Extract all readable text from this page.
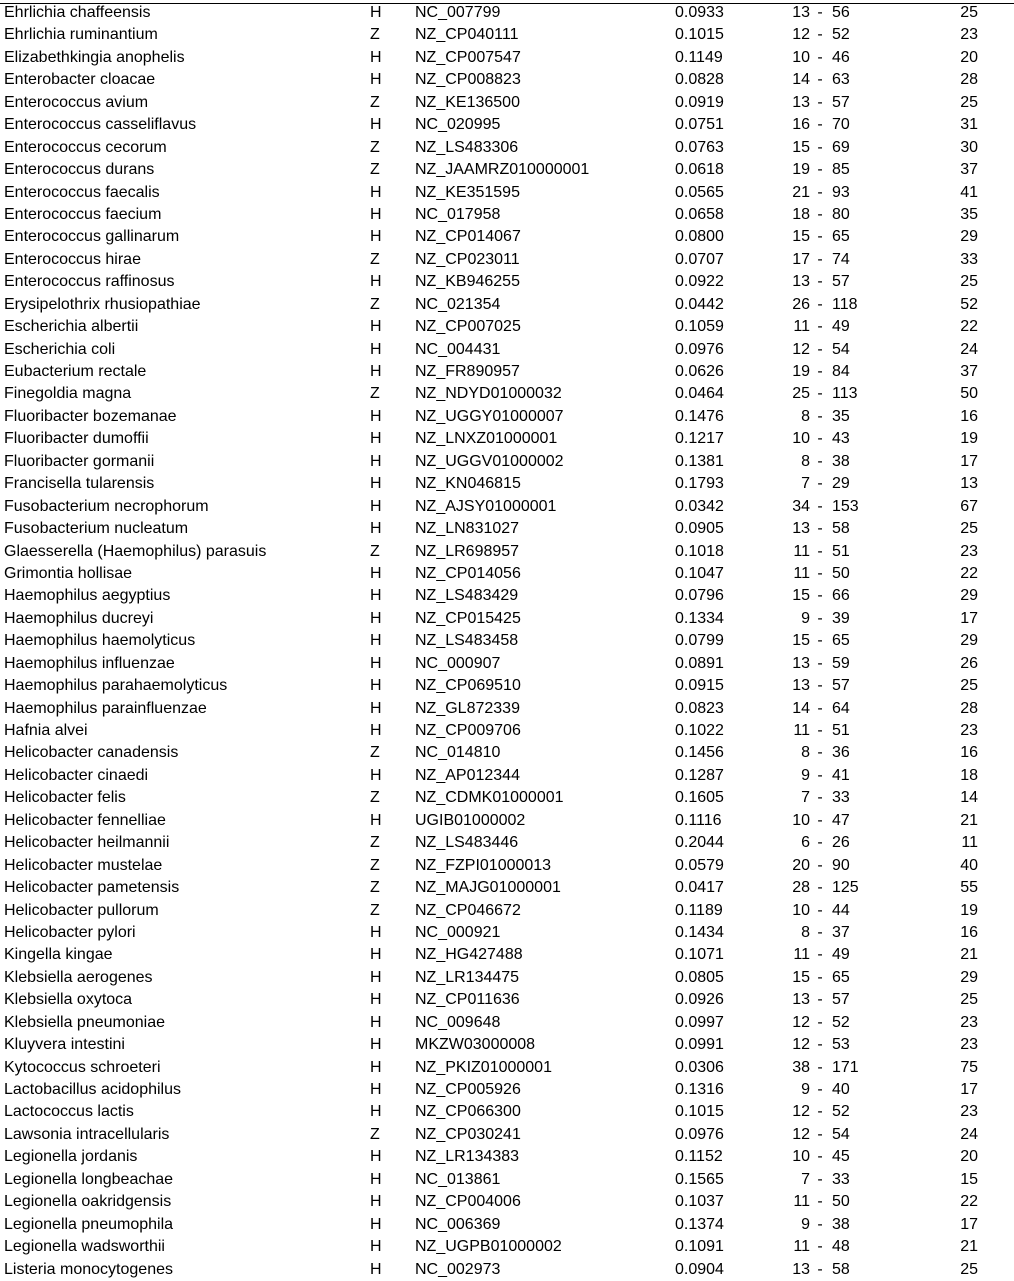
Ehrlichia chaffeensis	H NC_007799	0.0933	13 - 56	25
Ehrlichia ruminantium	Z NZ_CP040111	0.1015	12 - 52	23
Elizabethkingia anophelis	H NZ_CP007547	0.1149	10 - 46	20
Enterobacter cloacae	H NZ_CP008823	0.0828	14 - 63	28
Enterococcus avium	Z NZ_KE136500	0.0919	13 - 57	25
Enterococcus casseliflavus	H NC_020995	0.0751	16 - 70	31
Enterococcus cecorum	Z NZ_LS483306	0.0763	15 - 69	30
Enterococcus durans	Z NZ_JAAMRZ010000001	0.0618	19 - 85	37
Enterococcus faecalis	H NZ_KE351595	0.0565	21 - 93	41
Enterococcus faecium	H NC_017958	0.0658	18 - 80	35
Enterococcus gallinarum	H NZ_CP014067	0.0800	15 - 65	29
Enterococcus hirae	Z NZ_CP023011	0.0707	17 - 74	33
Enterococcus raffinosus	H NZ_KB946255	0.0922	13 - 57	25
Erysipelothrix rhusiopathiae	Z NC_021354	0.0442	26 - 118	52
Escherichia albertii	H NZ_CP007025	0.1059	11 - 49	22
Escherichia coli	H NC_004431	0.0976	12 - 54	24
Eubacterium rectale	H NZ_FR890957	0.0626	19 - 84	37
Finegoldia magna	Z NZ_NDYD01000032	0.0464	25 - 113	50
Fluoribacter bozemanae	H NZ_UGGY01000007	0.1476	8 - 35	16
Fluoribacter dumoffii	H NZ_LNXZ01000001	0.1217	10 - 43	19
Fluoribacter gormanii	H NZ_UGGV01000002	0.1381	8 - 38	17
Francisella tularensis	H NZ_KN046815	0.1793	7 - 29	13
Fusobacterium necrophorum	H NZ_AJSY01000001	0.0342	34 - 153	67
Fusobacterium nucleatum	H NZ_LN831027	0.0905	13 - 58	25
Glaesserella (Haemophilus) parasuis	Z NZ_LR698957	0.1018	11 - 51	23
Grimontia hollisae	H NZ_CP014056	0.1047	11 - 50	22
Haemophilus aegyptius	H NZ_LS483429	0.0796	15 - 66	29
Haemophilus ducreyi	H NZ_CP015425	0.1334	9 - 39	17
Haemophilus haemolyticus	H NZ_LS483458	0.0799	15 - 65	29
Haemophilus influenzae	H NC_000907	0.0891	13 - 59	26
Haemophilus parahaemolyticus	H NZ_CP069510	0.0915	13 - 57	25
Haemophilus parainfluenzae	H NZ_GL872339	0.0823	14 - 64	28
Hafnia alvei	H NZ_CP009706	0.1022	11 - 51	23
Helicobacter canadensis	Z NC_014810	0.1456	8 - 36	16
Helicobacter cinaedi	H NZ_AP012344	0.1287	9 - 41	18
Helicobacter felis	Z NZ_CDMK01000001	0.1605	7 - 33	14
Helicobacter fennelliae	H UGIB01000002	0.1116	10 - 47	21
Helicobacter heilmannii	Z NZ_LS483446	0.2044	6 - 26	11
Helicobacter mustelae	Z NZ_FZPI01000013	0.0579	20 - 90	40
Helicobacter pametensis	Z NZ_MAJG01000001	0.0417	28 - 125	55
Helicobacter pullorum	Z NZ_CP046672	0.1189	10 - 44	19
Helicobacter pylori	H NC_000921	0.1434	8 - 37	16
Kingella kingae	H NZ_HG427488	0.1071	11 - 49	21
Klebsiella aerogenes	H NZ_LR134475	0.0805	15 - 65	29
Klebsiella oxytoca	H NZ_CP011636	0.0926	13 - 57	25
Klebsiella pneumoniae	H NC_009648	0.0997	12 - 52	23
Kluyvera intestini	H MKZW03000008	0.0991	12 - 53	23
Kytococcus schroeteri	H NZ_PKIZ01000001	0.0306	38 - 171	75
Lactobacillus acidophilus	H NZ_CP005926	0.1316	9 - 40	17
Lactococcus lactis	H NZ_CP066300	0.1015	12 - 52	23
Lawsonia intracellularis	Z NZ_CP030241	0.0976	12 - 54	24
Legionella jordanis	H NZ_LR134383	0.1152	10 - 45	20
Legionella longbeachae	H NC_013861	0.1565	7 - 33	15
Legionella oakridgensis	H NZ_CP004006	0.1037	11 - 50	22
Legionella pneumophila	H NC_006369	0.1374	9 - 38	17
Legionella wadsworthii	H NZ_UGPB01000002	0.1091	11 - 48	21
Listeria monocytogenes	H NC_002973	0.0904	13 - 58	25
